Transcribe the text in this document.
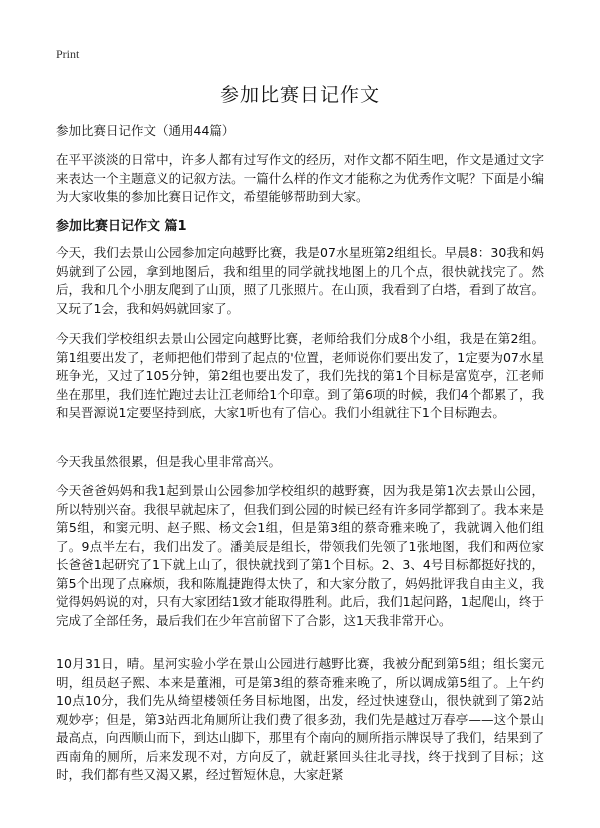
Print
参加比赛日记作文
参加比赛日记作文（通用44篇）
在平平淡淡的日常中，许多人都有过写作文的经历，对作文都不陌生吧，作文是通过文字来表达一个主题意义的记叙方法。一篇什么样的作文才能称之为优秀作文呢？下面是小编为大家收集的参加比赛日记作文，希望能够帮助到大家。
参加比赛日记作文 篇1
今天，我们去景山公园参加定向越野比赛，我是07水星班第2组组长。早晨8：30我和妈妈就到了公园，拿到地图后，我和组里的同学就找地图上的几个点，很快就找完了。然后，我和几个小朋友爬到了山顶，照了几张照片。在山顶，我看到了白塔，看到了故宫。又玩了1会，我和妈妈就回家了。
今天我们学校组织去景山公园定向越野比赛，老师给我们分成8个小组，我是在第2组。第1组要出发了，老师把他们带到了起点的'位置，老师说你们要出发了，1定要为07水星班争光，又过了105分钟，第2组也要出发了，我们先找的第1个目标是富览亭，江老师坐在那里，我们连忙跑过去让江老师给1个印章。到了第6项的时候，我们4个都累了，我和吴晋源说1定要坚持到底，大家1听也有了信心。我们小组就往下1个目标跑去。
今天我虽然很累，但是我心里非常高兴。
今天爸爸妈妈和我1起到景山公园参加学校组织的越野赛，因为我是第1次去景山公园，所以特别兴奋。我很早就起床了，但我们到公园的时候已经有许多同学都到了。我本来是第5组，和窦元明、赵子熙、杨文会1组，但是第3组的蔡奇雅来晚了，我就调入他们组了。9点半左右，我们出发了。潘美辰是组长，带领我们先领了1张地图，我们和两位家长爸爸1起研究了1下就上山了，很快就找到了第1个目标。2、3、4号目标都挺好找的，第5个出现了点麻烦，我和陈胤捷跑得太快了，和大家分散了，妈妈批评我自由主义，我觉得妈妈说的对，只有大家团结1致才能取得胜利。此后，我们1起问路，1起爬山，终于完成了全部任务，最后我们在少年宫前留下了合影，这1天我非常开心。
10月31日，晴。星河实验小学在景山公园进行越野比赛，我被分配到第5组；组长窦元明，组员赵子熙、本来是董湘，可是第3组的蔡奇雅来晚了，所以调成第5组了。上午约10点10分，我们先从绮望楼领任务目标地图，出发，经过快速登山，很快就到了第2站观妙亭；但是，第3站西北角厕所让我们费了很多劲，我们先是越过万春亭——这个景山最高点，向西顺山而下，到达山脚下，那里有个南向的厕所指示牌误导了我们，结果到了西南角的厕所，后来发现不对，方向反了，就赶紧回头往北寻找，终于找到了目标；这时，我们都有些又渴又累，经过暂短休息，大家赶紧
